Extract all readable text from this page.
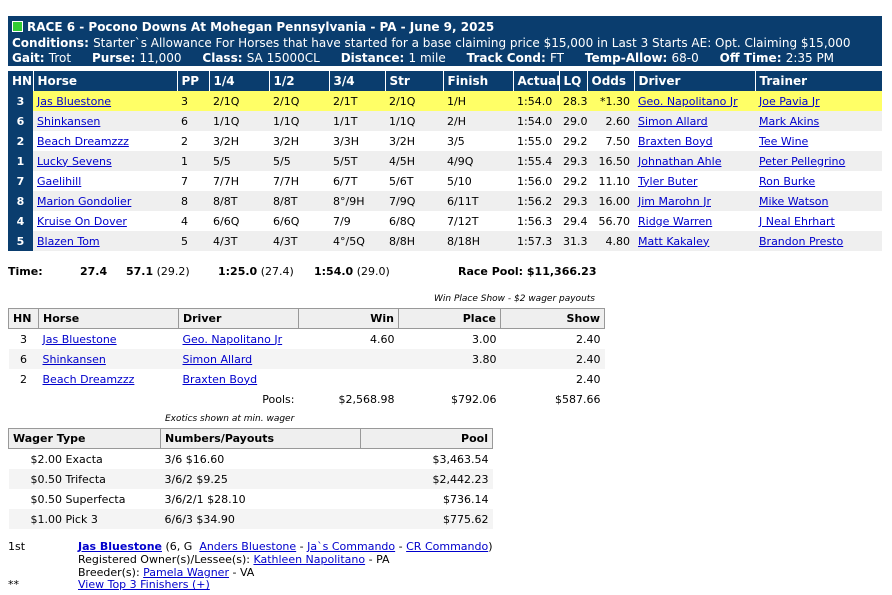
RACE 6 - Pocono Downs At Mohegan Pennsylvania - PA - June 9, 2025
Conditions: Starter`s Allowance For Horses that have started for a base claiming price $15,000 in Last 3 Starts AE: Opt. Claiming $15,000
Gait: Trot Purse: 11,000 Class: SA 15000CL Distance: 1 mile Track Cond: FT Temp-Allow: 68-0 Off Time: 2:35 PM
HN	Horse	PP	1/4	1/2	3/4	Str	Finish	Actual	LQ	Odds	Driver	Trainer
3	Jas Bluestone	3	2/1Q	2/1Q	2/1T	2/1Q	1/H	1:54.0	28.3	*1.30	Geo. Napolitano Jr	Joe Pavia Jr
6	Shinkansen	6	1/1Q	1/1Q	1/1T	1/1Q	2/H	1:54.0	29.0	2.60	Simon Allard	Mark Akins
2	Beach Dreamzzz	2	3/2H	3/2H	3/3H	3/2H	3/5	1:55.0	29.2	7.50	Braxten Boyd	Tee Wine
1	Lucky Sevens	1	5/5	5/5	5/5T	4/5H	4/9Q	1:55.4	29.3	16.50	Johnathan Ahle	Peter Pellegrino
7	Gaelihill	7	7/7H	7/7H	6/7T	5/6T	5/10	1:56.0	29.2	11.10	Tyler Buter	Ron Burke
8	Marion Gondolier	8	8/8T	8/8T	8°/9H	7/9Q	6/11T	1:56.2	29.3	16.00	Jim Marohn Jr	Mike Watson
4	Kruise On Dover	4	6/6Q	6/6Q	7/9	6/8Q	7/12T	1:56.3	29.4	56.70	Ridge Warren	J Neal Ehrhart
5	Blazen Tom	5	4/3T	4/3T	4°/5Q	8/8H	8/18H	1:57.3	31.3	4.80	Matt Kakaley	Brandon Presto
Time:	27.4 57.1 (29.2)	1:25.0 (27.4) 1:54.0 (29.0)	Race Pool: $11,366.23
Win Place Show - $2 wager payouts
HN	Horse	Driver	Win	Place	Show
3	Jas Bluestone	Geo. Napolitano Jr	4.60	3.00	2.40
6	Shinkansen	Simon Allard		3.80	2.40
2	Beach Dreamzzz	Braxten Boyd			2.40
		Pools:	$2,568.98	$792.06	$587.66
Exotics shown at min. wager
Wager Type	Numbers/Payouts	Pool
$2.00 Exacta	3/6 $16.60	$3,463.54
$0.50 Trifecta	3/6/2 $9.25	$2,442.23
$0.50 Superfecta	3/6/2/1 $28.10	$736.14
$1.00 Pick 3	6/6/3 $34.90	$775.62
1st	Jas Bluestone (6, G Anders Bluestone - Ja`s Commando - CR Commando)
Registered Owner(s)/Lessee(s): Kathleen Napolitano - PA
Breeder(s): Pamela Wagner - VA
**	View Top 3 Finishers (+)
